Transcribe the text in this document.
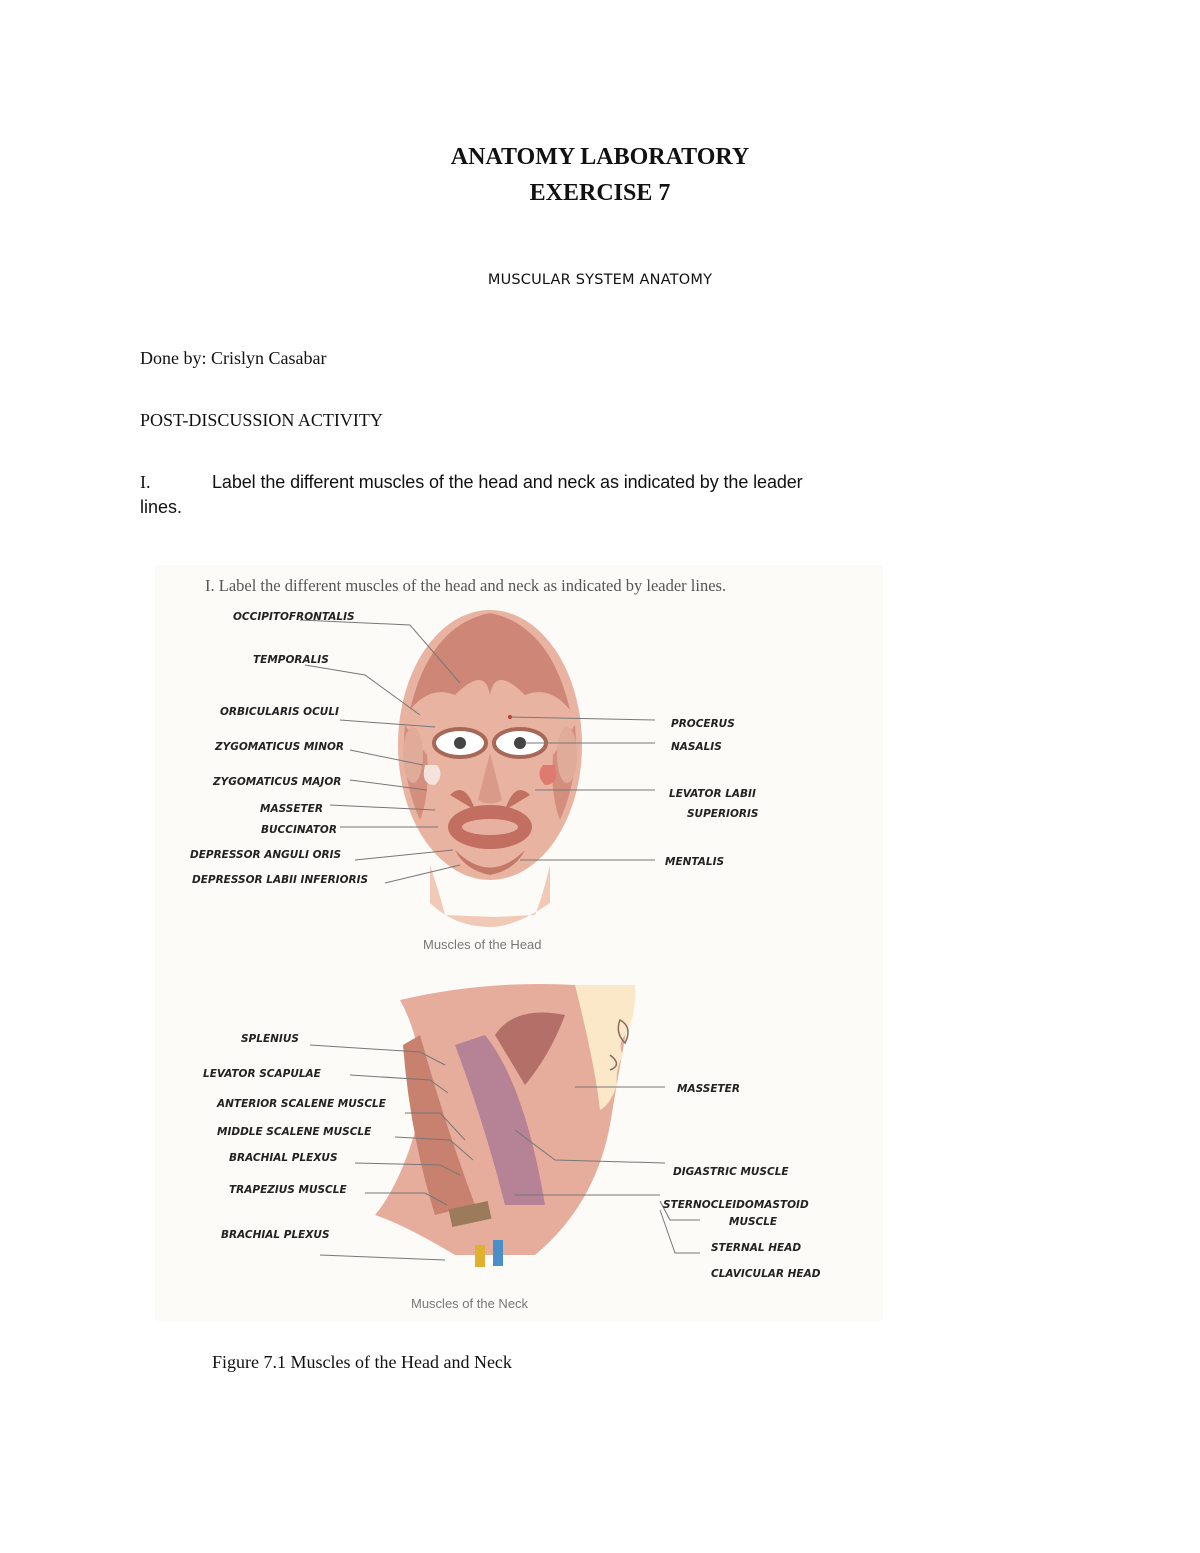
ANATOMY LABORATORY
EXERCISE 7
MUSCULAR SYSTEM ANATOMY
Done by: Crislyn Casabar
POST-DISCUSSION ACTIVITY
I.	Label the different muscles of the head and neck as indicated by the leader
lines.
I. Label the different muscles of the head and neck as indicated by leader lines.
OCCIPITOFRONTALIS
TEMPORALIS
ORBICULARIS OCULI
ZYGOMATICUS MINOR
ZYGOMATICUS MAJOR
MASSETER
BUCCINATOR
DEPRESSOR ANGULI ORIS
DEPRESSOR LABII INFERIORIS
PROCERUS
NASALIS
LEVATOR LABII
SUPERIORIS
MENTALIS
Muscles of the Head
SPLENIUS
LEVATOR SCAPULAE
ANTERIOR SCALENE MUSCLE
MIDDLE SCALENE MUSCLE
BRACHIAL PLEXUS
TRAPEZIUS MUSCLE
BRACHIAL PLEXUS
MASSETER
DIGASTRIC MUSCLE
STERNOCLEIDOMASTOID
MUSCLE
STERNAL HEAD
CLAVICULAR HEAD
Muscles of the Neck
Figure 7.1 Muscles of the Head and Neck
